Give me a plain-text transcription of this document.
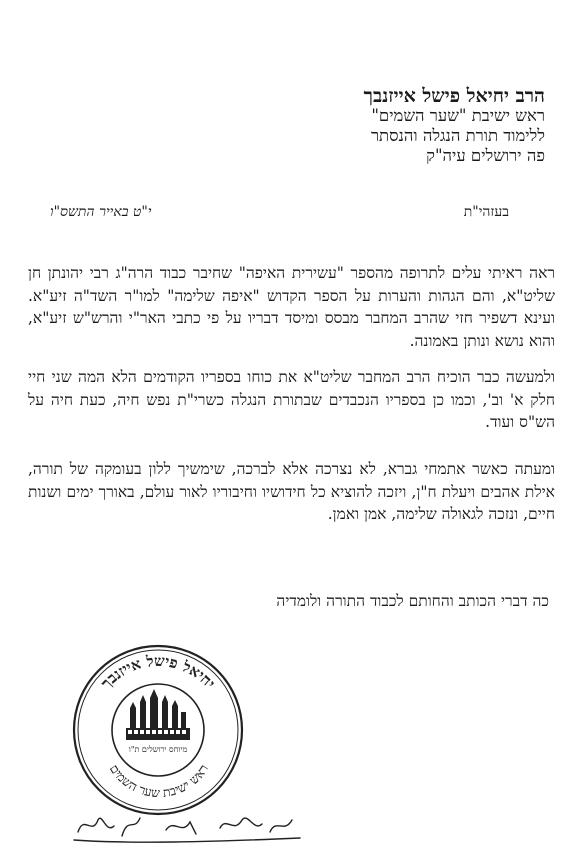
הרב יחיאל פישל אייזנבך
ראש ישיבת "שער השמים"
ללימוד תורת הנגלה והנסתר
פה ירושלים עיה"ק
בעזהי"ת
י"ט באייר התשס"ו
ראה ראיתי עלים לתרופה מהספר "עשירית האיפה" שחיבר כבוד הרה"ג רבי יהונתן חן שליט"א, והם הגהות והערות על הספר הקדוש "איפה שלימה" למו"ר השד"ה זיע"א. ועינא דשפיר חזי שהרב המחבר מבסס ומיסד דבריו על פי כתבי האר"י והרש"ש זיע"א, והוא נושא ונותן באמונה.
ולמעשה כבר הוכיח הרב המחבר שליט"א את כוחו בספריו הקודמים הלא המה שני חיי חלק א' וב', וכמו כן בספריו הנכבדים שבתורת הנגלה כשרי"ת נפש חיה, כעת חיה על הש"ס ועוד.
ומעתה כאשר אתמחי גברא, לא נצרכה אלא לברכה, שימשיך ללון בעומקה של תורה, אילת אהבים ויעלת ח"ן, ויזכה להוציא כל חידושיו וחיבוריו לאור עולם, באורך ימים ושנות חיים, ונזכה לגאולה שלימה, אמן ואמן.
כה דברי הכותב והחותם לכבוד התורה ולומדיה
יחיאל פישל אייזנבך
ראש ישיבת שער השמים
מיוחס ירושלים ת"ו
